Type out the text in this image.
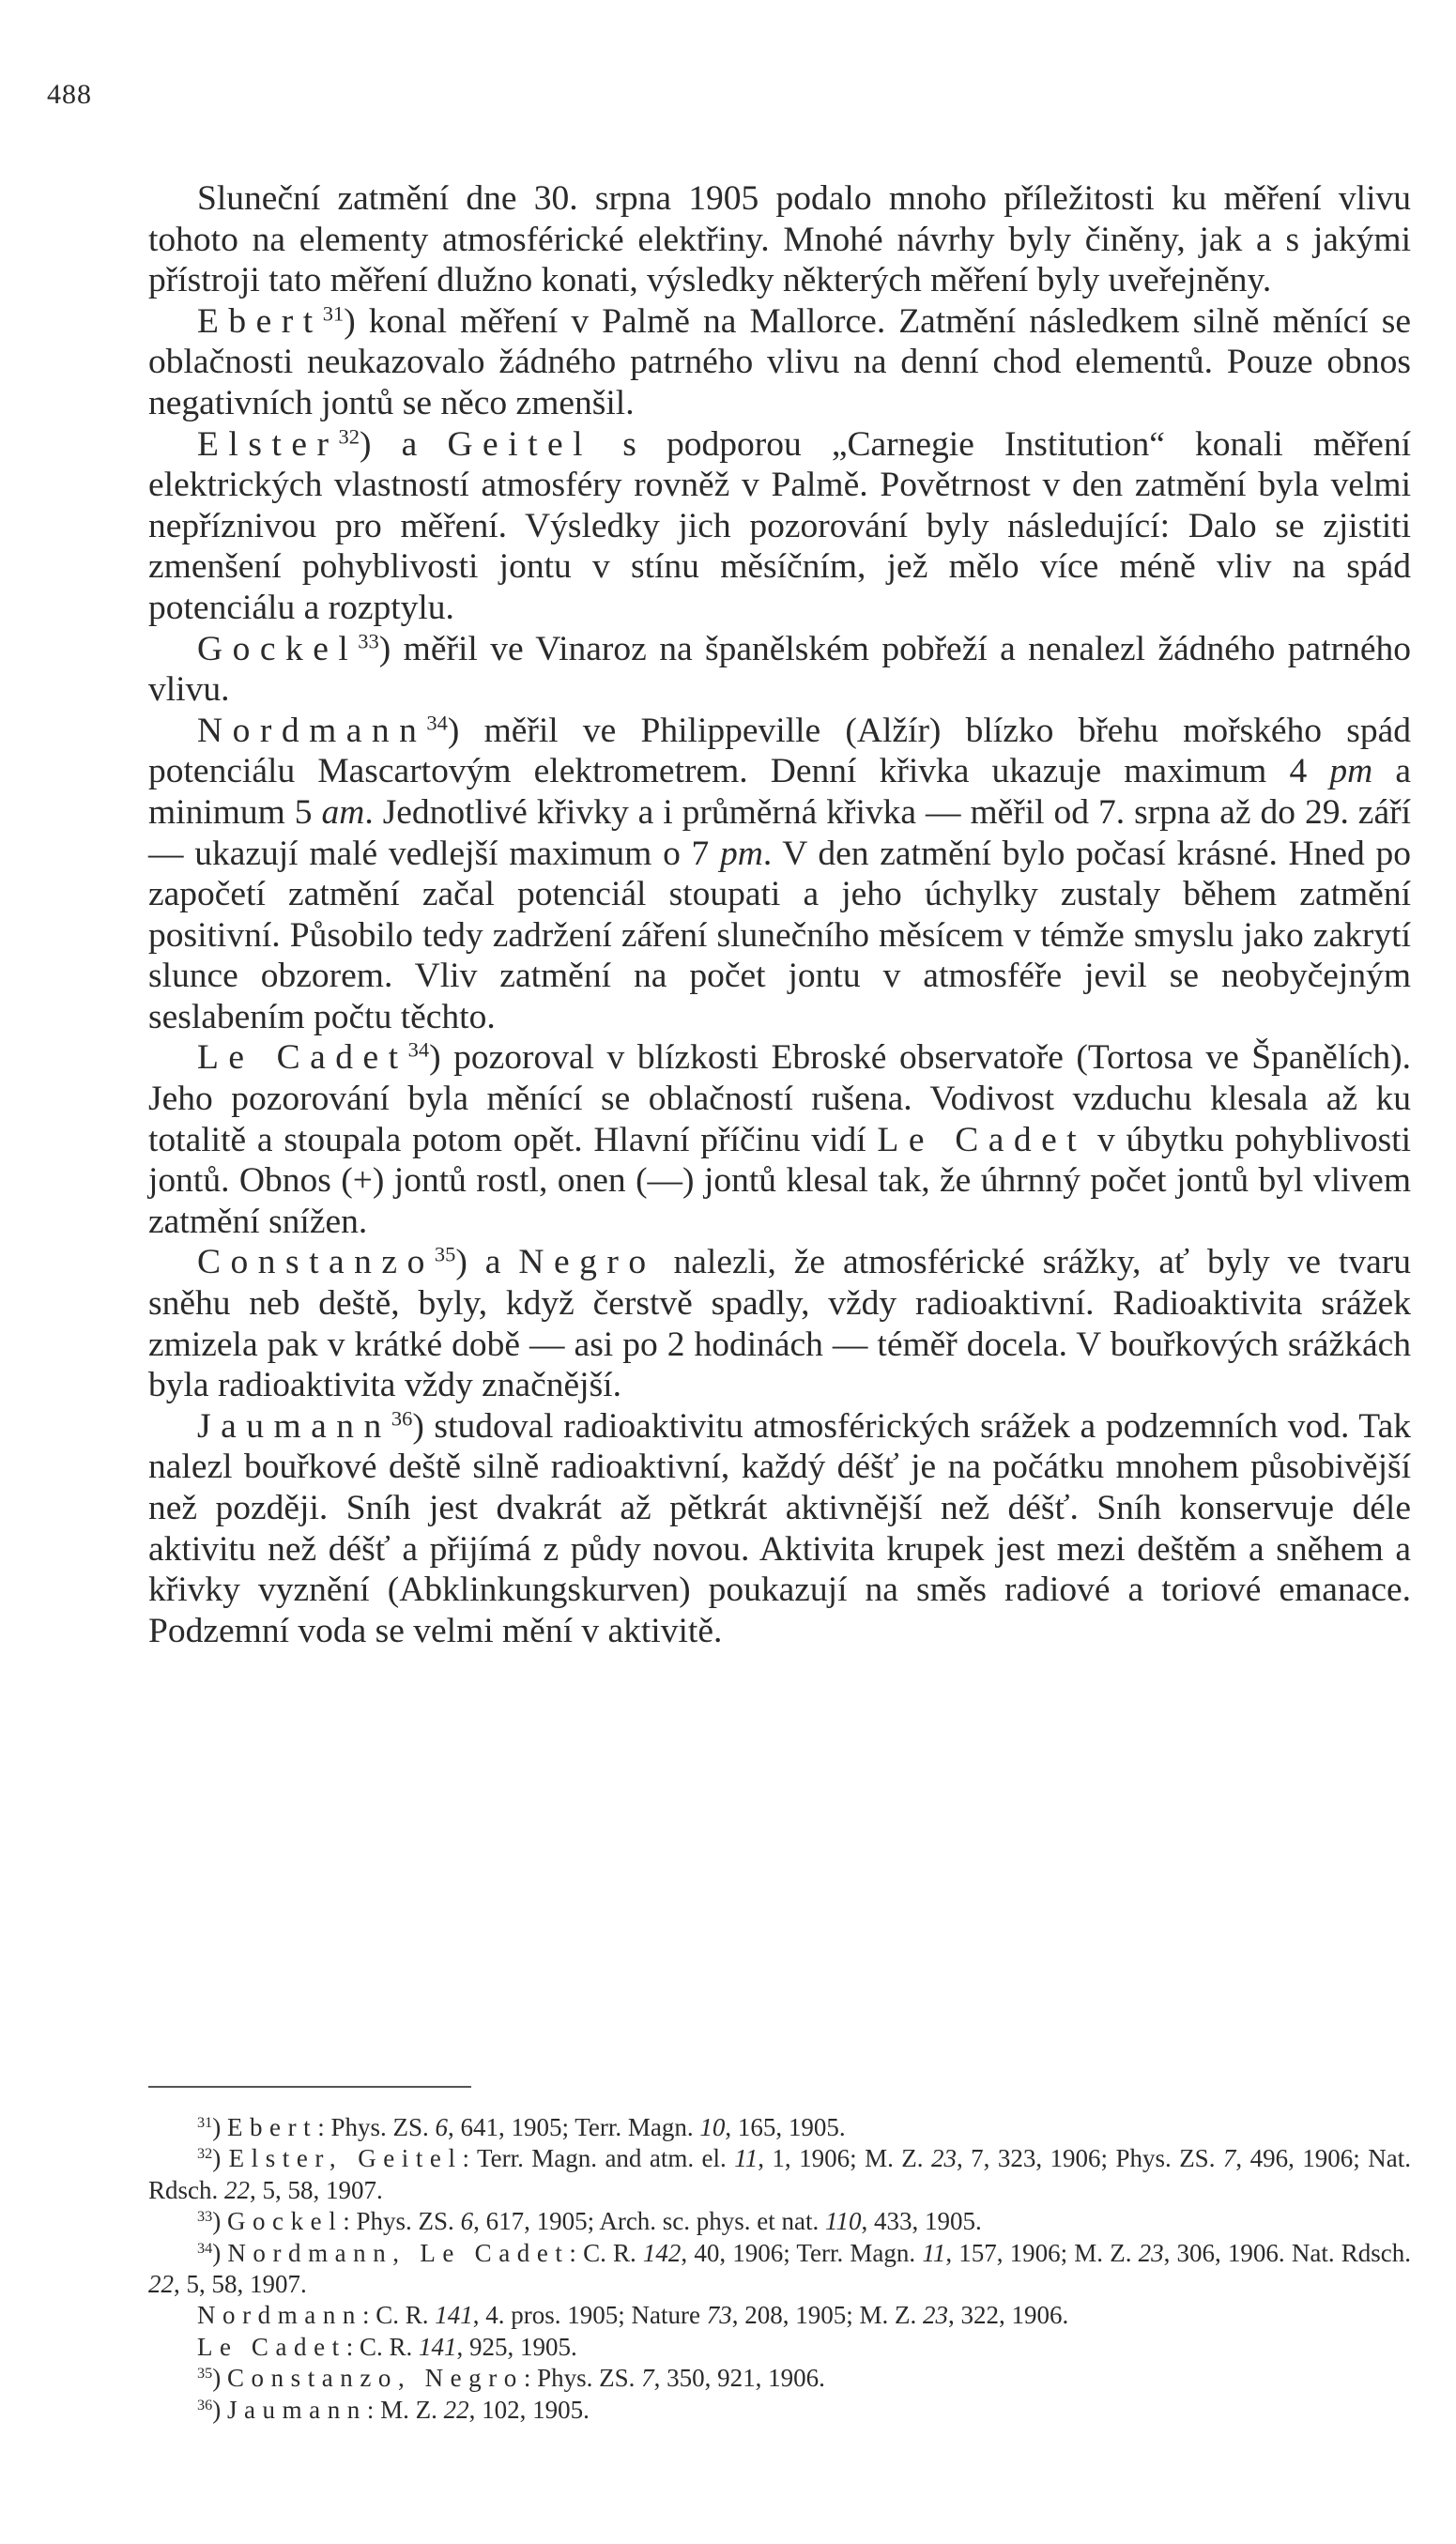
488

Sluneční zatmění dne 30. srpna 1905 podalo mnoho příležitosti ku měření vlivu tohoto na elementy atmosférické elektřiny. Mnohé návrhy byly činěny, jak a s jakými přístroji tato měření dlužno konati, výsledky některých měření byly uveřejněny.

Ebert$^{31}$) konal měření v Palmě na Mallorce. Zatmění následkem silně měnící se oblačnosti neukazovalo žádného patrného vlivu na denní chod elementů. Pouze obnos negativních jontů se něco zmenšil.

Elster$^{32}$) a Geitel s podporou „Carnegie Institution“ konali měření elektrických vlastností atmosféry rovněž v Palmě. Povětrnost v den zatmění byla velmi nepříznivou pro měření. Výsledky jich pozorování byly následující: Dalo se zjistiti zmenšení pohyblivosti jontu v stínu měsíčním, jež mělo více méně vliv na spád potenciálu a rozptylu.

Gockel$^{33}$) měřil ve Vinaroz na španělském pobřeží a nenalezl žádného patrného vlivu.

Nordmann$^{34}$) měřil ve Philippeville (Alžír) blízko břehu mořského spád potenciálu Mascartovým elektrometrem. Denní křivka ukazuje maximum 4 pm a minimum 5 am. Jednotlivé křivky a i průměrná křivka — měřil od 7. srpna až do 29. září — ukazují malé vedlejší maximum o 7 pm. V den zatmění bylo počasí krásné. Hned po započetí zatmění začal potenciál stoupati a jeho úchylky zustaly během zatmění positivní. Působilo tedy zadržení záření slunečního měsícem v témže smyslu jako zakrytí slunce obzorem. Vliv zatmění na počet jontu v atmosféře jevil se neobyčejným seslabením počtu těchto.

Le Cadet$^{34}$) pozoroval v blízkosti Ebroské observatoře (Tortosa ve Španělích). Jeho pozorování byla měnící se oblačností rušena. Vodivost vzduchu klesala až ku totalitě a stoupala potom opět. Hlavní příčinu vidí Le Cadet v úbytku pohyblivosti jontů. Obnos (+) jontů rostl, onen (—) jontů klesal tak, že úhrnný počet jontů byl vlivem zatmění snížen.

Constanzo$^{35}$) a Negro nalezli, že atmosférické srážky, ať byly ve tvaru sněhu neb deště, byly, když čerstvě spadly, vždy radioaktivní. Radioaktivita srážek zmizela pak v krátké době — asi po 2 hodinách — téměř docela. V bouřkových srážkách byla radioaktivita vždy značnější.

Jaumann$^{36}$) studoval radioaktivitu atmosférických srážek a podzemních vod. Tak nalezl bouřkové deště silně radioaktivní, každý déšť je na počátku mnohem působivější než později. Sníh jest dvakrát až pětkrát aktivnější než déšť. Sníh konservuje déle aktivitu než déšť a přijímá z půdy novou. Aktivita krupek jest mezi deštěm a sněhem a křivky vyznění (Abklinkungskurven) poukazují na směs radiové a toriové emanace. Podzemní voda se velmi mění v aktivitě.

$^{31}$) Ebert: Phys. ZS. 6, 641, 1905; Terr. Magn. 10, 165, 1905.

$^{32}$) Elster, Geitel: Terr. Magn. and atm. el. 11, 1, 1906; M. Z. 23, 7, 323, 1906; Phys. ZS. 7, 496, 1906; Nat. Rdsch. 22, 5, 58, 1907.

$^{33}$) Gockel: Phys. ZS. 6, 617, 1905; Arch. sc. phys. et nat. 110, 433, 1905.

$^{34}$) Nordmann, Le Cadet: C. R. 142, 40, 1906; Terr. Magn. 11, 157, 1906; M. Z. 23, 306, 1906. Nat. Rdsch. 22, 5, 58, 1907.

Nordmann: C. R. 141, 4. pros. 1905; Nature 73, 208, 1905; M. Z. 23, 322, 1906.

Le Cadet: C. R. 141, 925, 1905.

$^{35}$) Constanzo, Negro: Phys. ZS. 7, 350, 921, 1906.

$^{36}$) Jaumann: M. Z. 22, 102, 1905.
